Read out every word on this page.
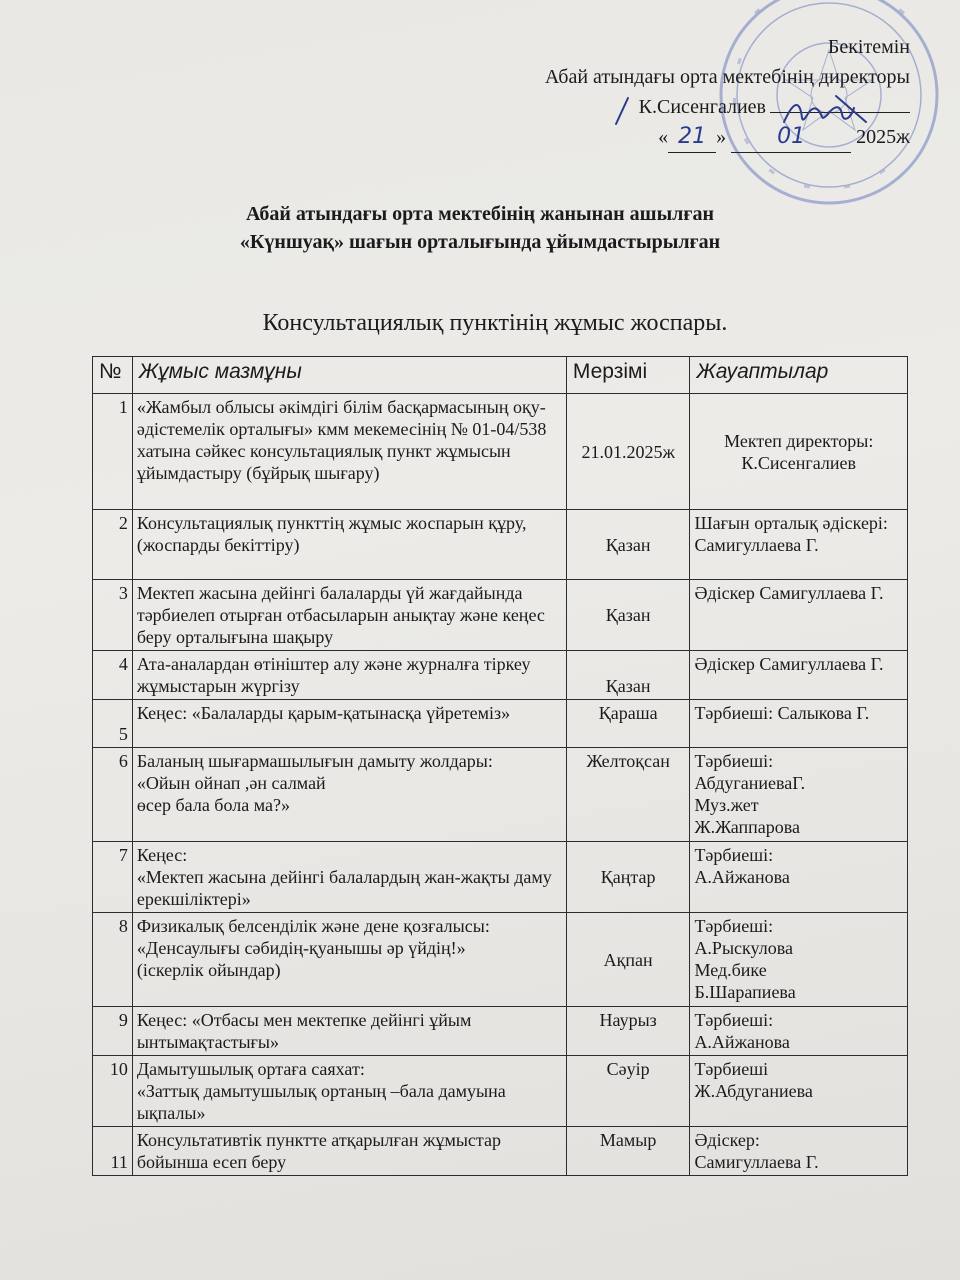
Бекітемін
Абай атындағы орта мектебінің директоры
К.Сисенгалиев
« 21 » 01	2025ж
Абай атындағы орта мектебінің жанынан ашылған
«Күншуақ» шағын орталығында ұйымдастырылған
Консультациялық пунктінің жұмыс жоспары.
№	Жұмыс мазмұны	Мерзімі	Жауаптылар
1	«Жамбыл облысы әкімдігі білім басқармасының оқу-әдістемелік орталығы» кмм мекемесінің № 01-04/538 хатына сәйкес консультациялық пункт жұмысын ұйымдастыру (бұйрық шығару)	21.01.2025ж	Мектеп директоры: К.Сисенгалиев
2	Консультациялық пункттің жұмыс жоспарын құру, (жоспарды бекіттіру)	Қазан	Шағын орталық әдіскері: Самигуллаева Г.
3	Мектеп жасына дейінгі балаларды үй жағдайында тәрбиелеп отырған отбасыларын анықтау және кеңес беру орталығына шақыру	Қазан	Әдіскер Самигуллаева Г.
4	Ата-аналардан өтініштер алу және журналға тіркеу жұмыстарын жүргізу	Қазан	Әдіскер Самигуллаева Г.
5	Кеңес: «Балаларды қарым-қатынасқа үйретеміз»	Қараша	Тәрбиеші: Салыкова Г.
6	Баланың шығармашылығын дамыту жолдары:
«Ойын ойнап ,ән салмай
өсер бала бола ма?»	Желтоқсан	Тәрбиеші:
АбдуганиеваГ.
Муз.жет
Ж.Жаппарова
7	Кеңес:
«Мектеп жасына дейінгі балалардың жан-жақты даму ерекшіліктері»	Қаңтар	Тәрбиеші:
А.Айжанова
8	Физикалық белсенділік және дене қозғалысы:
«Денсаулығы сәбидің-қуанышы әр үйдің!»
(іскерлік ойындар)	Ақпан	Тәрбиеші:
А.Рыскулова
Мед.бике
Б.Шарапиева
9	Кеңес: «Отбасы мен мектепке дейінгі ұйым ынтымақтастығы»	Наурыз	Тәрбиеші:
А.Айжанова
10	Дамытушылық ортаға саяхат:
«Заттық дамытушылық ортаның –бала дамуына ықпалы»	Сәуір	Тәрбиеші
Ж.Абдуганиева
11	Консультативтік пунктте атқарылған жұмыстар бойынша есеп беру	Мамыр	Әдіскер:
Самигуллаева Г.
